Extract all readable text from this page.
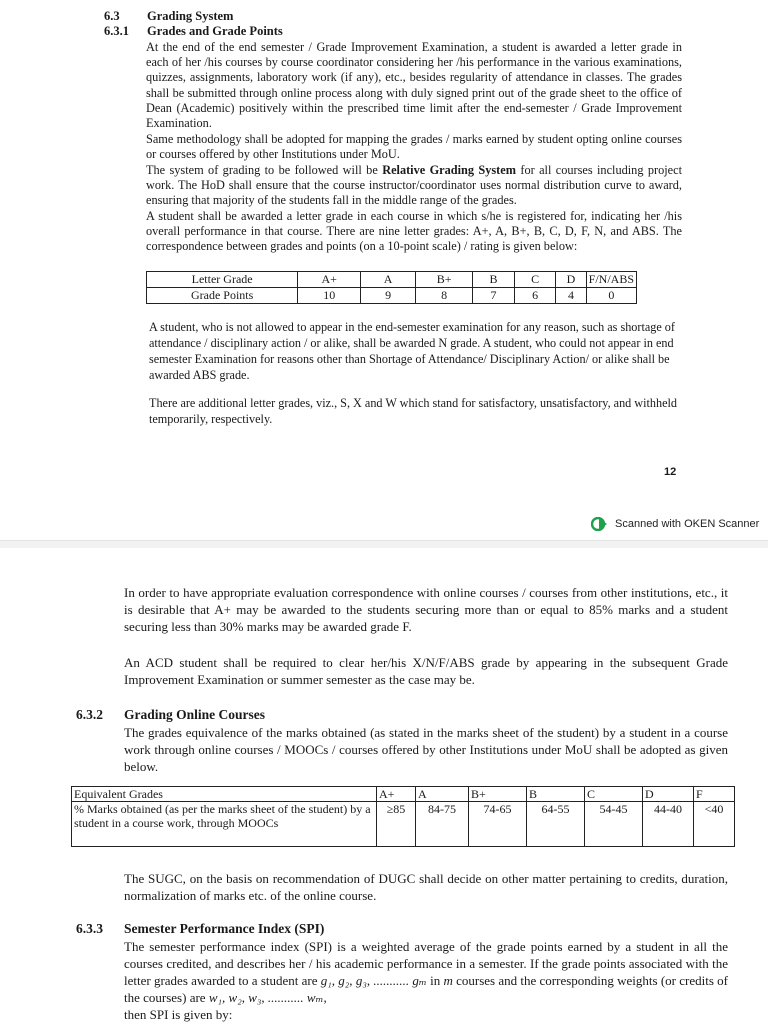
6.3 Grading System
6.3.1 Grades and Grade Points

At the end of the end semester / Grade Improvement Examination, a student is awarded a letter grade in each of her /his courses by course coordinator considering her /his performance in the various examinations, quizzes, assignments, laboratory work (if any), etc., besides regularity of attendance in classes. The grades shall be submitted through online process along with duly signed print out of the grade sheet to the office of Dean (Academic) positively within the prescribed time limit after the end-semester / Grade Improvement Examination.

Same methodology shall be adopted for mapping the grades / marks earned by student opting online courses or courses offered by other Institutions under MoU.

The system of grading to be followed will be Relative Grading System for all courses including project work. The HoD shall ensure that the course instructor/coordinator uses normal distribution curve to award, ensuring that majority of the students fall in the middle range of the grades.

A student shall be awarded a letter grade in each course in which s/he is registered for, indicating her /his overall performance in that course. There are nine letter grades: A+, A, B+, B, C, D, F, N, and ABS. The correspondence between grades and points (on a 10-point scale) / rating is given below:

Letter Grade	A+	A	B+	B	C	D	F/N/ABS
Grade Points	10	9	8	7	6	4	0

A student, who is not allowed to appear in the end-semester examination for any reason, such as shortage of attendance / disciplinary action / or alike, shall be awarded N grade. A student, who could not appear in end semester Examination for reasons other than Shortage of Attendance/ Disciplinary Action/ or alike shall be awarded ABS grade.

There are additional letter grades, viz., S, X and W which stand for satisfactory, unsatisfactory, and withheld temporarily, respectively.

12
Scanned with OKEN Scanner

In order to have appropriate evaluation correspondence with online courses / courses from other institutions, etc., it is desirable that A+ may be awarded to the students securing more than or equal to 85% marks and a student securing less than 30% marks may be awarded grade F.

An ACD student shall be required to clear her/his X/N/F/ABS grade by appearing in the subsequent Grade Improvement Examination or summer semester as the case may be.

6.3.2 Grading Online Courses

The grades equivalence of the marks obtained (as stated in the marks sheet of the student) by a student in a course work through online courses / MOOCs / courses offered by other Institutions under MoU shall be adopted as given below.

Equivalent Grades	A+	A	B+	B	C	D	F
% Marks obtained (as per the marks sheet of the student) by a student in a course work, through MOOCs	≥85	84-75	74-65	64-55	54-45	44-40	<40

The SUGC, on the basis on recommendation of DUGC shall decide on other matter pertaining to credits, duration, normalization of marks etc. of the online course.

6.3.3 Semester Performance Index (SPI)

The semester performance index (SPI) is a weighted average of the grade points earned by a student in all the courses credited, and describes her / his academic performance in a semester. If the grade points associated with the letter grades awarded to a student are g₁, g₂, g₃, ........... gₘ in m courses and the corresponding weights (or credits of the courses) are w₁, w₂, w₃, ........... wₘ,
then SPI is given by:
